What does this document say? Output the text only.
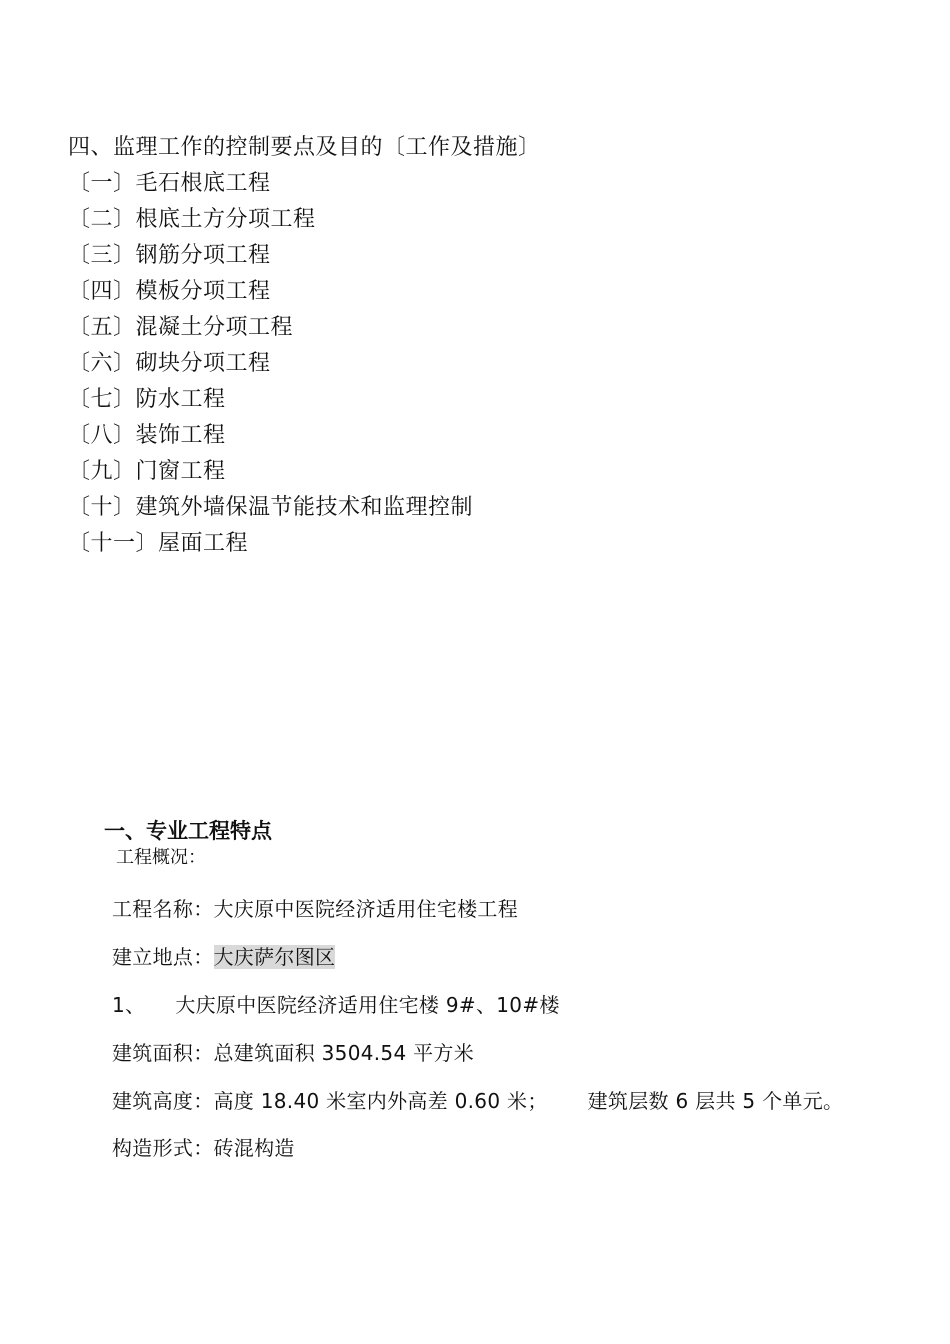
四、监理工作的控制要点及目的〔工作及措施〕
〔一〕毛石根底工程
〔二〕根底土方分项工程
〔三〕钢筋分项工程
〔四〕模板分项工程
〔五〕混凝土分项工程
〔六〕砌块分项工程
〔七〕防水工程
〔八〕装饰工程
〔九〕门窗工程
〔十〕建筑外墙保温节能技术和监理控制
〔十一〕屋面工程
一、专业工程特点
工程概况：
工程名称：大庆原中医院经济适用住宅楼工程
建立地点：大庆萨尔图区
1、 大庆原中医院经济适用住宅楼 9#、10#楼
建筑面积：总建筑面积 3504.54 平方米
建筑高度：高度 18.40 米室内外高差 0.60 米； 建筑层数 6 层共 5 个单元。
构造形式：砖混构造
